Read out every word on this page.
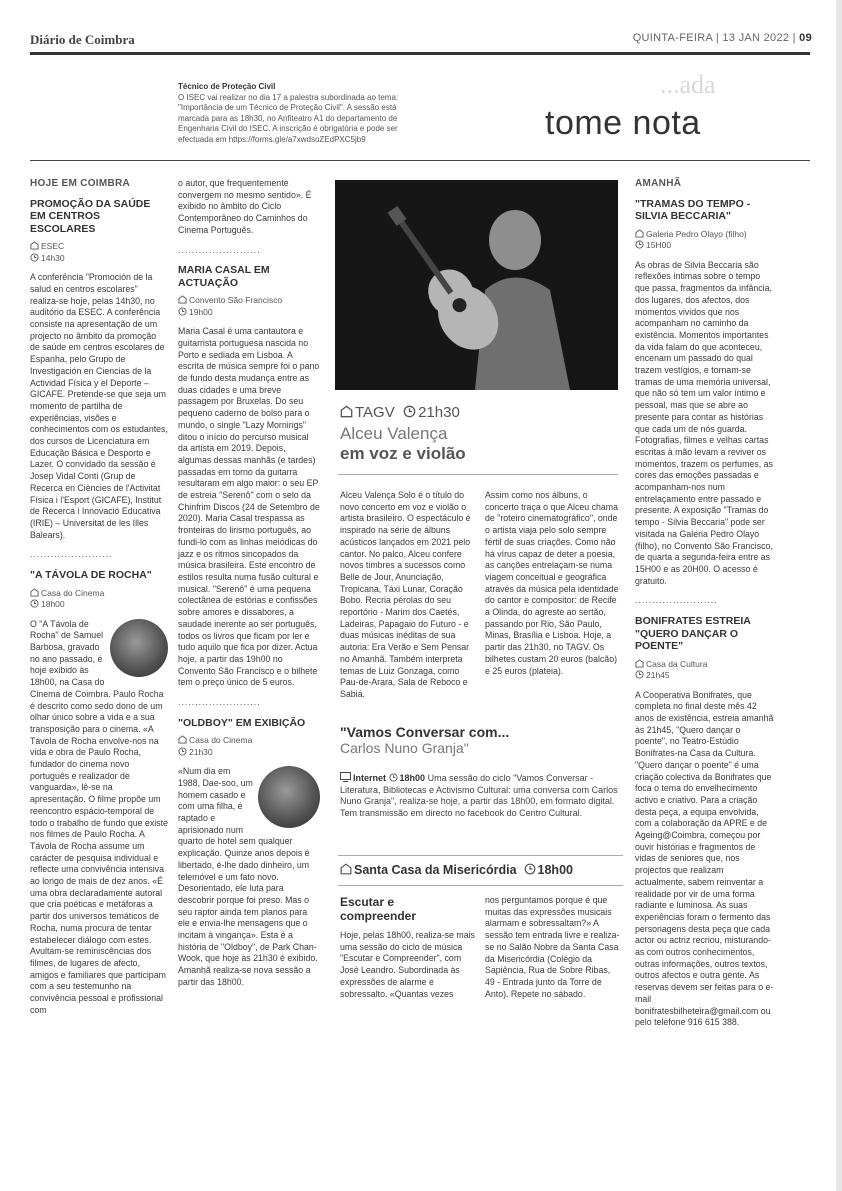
Diário de Coimbra	QUINTA-FEIRA | 13 JAN 2022 | 09
...ada
tome nota
Técnico de Proteção Civil
O ISEC vai realizar no dia 17 a palestra subordinada ao tema: "Importância de um Técnico de Proteção Civil". A sessão está marcada para as 18h30, no Anfiteatro A1 do departamento de Engenharia Civil do ISEC. A inscrição é obrigatória e pode ser efectuada em https://forms.gle/a7xwdsoZEdPXC5jb9
HOJE EM COIMBRA
PROMOÇÃO DA SAÚDE EM CENTROS ESCOLARES
ESEC
14h30

A conferência "Promoción de la salud en centros escolares" realiza-se hoje, pelas 14h30, no auditório da ESEC. A conferência consiste na apresentação de um projecto no âmbito da promoção de saúde em centros escolares de Espanha, pelo Grupo de Investigación en Ciencias de la Actividad Física y el Deporte – GICAFE. Pretende-se que seja um momento de partilha de experiências, visões e conhecimentos com os estudantes, dos cursos de Licenciatura em Educação Básica e Desporto e Lazer. O convidado da sessão é Josep Vidal Conti (Grup de Recerca en Ciències de l'Activitat Física i l'Esport (GICAFE), Institut de Recerca i Innovació Educativa (IRIE) – Universitat de les Illes Balears).

........................
"A TÁVOLA DE ROCHA"
Casa do Cinema
18h00

O "A Távola de Rocha" de Samuel Barbosa, gravado no ano passado, é hoje exibido às 18h00, na Casa do Cinema de Coimbra. Paulo Rocha é descrito como sedo dono de um olhar único sobre a vida e a sua transposição para o cinema. «A Távola de Rocha envolve-nos na vida e obra de Paulo Rocha, fundador do cinema novo português e realizador de vanguarda», lê-se na apresentação. O filme propõe um reencontro espácio-temporal de todo o trabalho de fundo que existe nos filmes de Paulo Rocha. A Távola de Rocha assume um carácter de pesquisa individual e reflecte uma convivência intensiva ao longo de mais de dez anos. «É uma obra declaradamente autoral que cria poéticas e metáforas a partir dos universos temáticos de Rocha, numa procura de tentar estabelecer diálogo com estes. Avultam-se reminiscências dos filmes, de lugares de afecto, amigos e familiares que participam com a seu testemunho na convivência pessoal e profissional com

o autor, que frequentemente convergem no mesmo sentido». É exibido no âmbito do Ciclo Contemporâneo do Caminhos do Cinema Português.

........................
MARIA CASAL EM ACTUAÇÃO
Convento São Francisco
19h00

Maria Casal é uma cantautora e guitarrista portuguesa nascida no Porto e sediada em Lisboa. A escrita de música sempre foi o pano de fundo desta mudança entre as duas cidades e uma breve passagem por Bruxelas. Do seu pequeno caderno de bolso para o mundo, o single "Lazy Mornings" ditou o início do percurso musical da artista em 2019. Depois, algumas dessas manhãs (e tardes) passadas em torno da guitarra resultaram em algo maior: o seu EP de estreia "Serenô" com o selo da Chinfrim Discos (24 de Setembro de 2020). Maria Casal trespassa as fronteiras do lirismo português, ao fundi-lo com as linhas meiódicas do jazz e os ritmos sincopados da música brasileira. Este encontro de estilos resulta numa fusão cultural e musical. "Serenô" é uma pequena colectânea de estórias e confissões sobre amores e dissabores, a saudade inerente ao ser português, todos os livros que ficam por ler e tudo aquilo que fica por dizer. Actua hoje, a partir das 19h00 no Convento São Francisco e o bilhete tem o preço único de 5 euros.

........................
"OLDBOY" EM EXIBIÇÃO
Casa do Cinema
21h30

«Num dia em 1988, Dae-soo, um homem casado e com uma filha, é raptado e aprisionado num quarto de hotel sem qualquer explicação. Quinze anos depois é libertado, é-lhe dado dinheiro, um telemóvel e um fato novo. Desorientado, ele luta para descobrir porque foi preso. Mas o seu raptor ainda tem planos para ele e envia-lhe mensagens que o incitam à vingança». Esta é a história de "Oldboy", de Park Chan-Wook, que hoje às 21h30 é exibido. Amanhã realiza-se nova sessão a partir das 18h00.

TAGV 21h30
Alceu Valença
em voz e violão
Alceu Valença Solo é o título do novo concerto em voz e violão o artista brasileiro. O espectáculo é inspirado na série de álbuns acústicos lançados em 2021 pelo cantor. No palco, Alceu confere novos timbres a sucessos como Belle de Jour, Anunciação, Tropicana, Táxi Lunar, Coração Bobo. Recria pérolas do seu reportório - Marim dos Caetés, Ladeiras, Papagaio do Futuro - e duas músicas inéditas de sua autoria: Era Verão e Sem Pensar no Amanhã. Também interpreta temas de Luiz Gonzaga, como Pau-de-Arara, Sala de Reboco e Sabiá.
Assim como nos álbuns, o concerto traça o que Alceu chama de "roteiro cinematográfico", onde o artista viaja pelo solo sempre fértil de suas criações. Como não há vírus capaz de deter a poesia, as canções entrelaçam-se numa viagem conceitual e geográfica através da música pela identidade do cantor e compositor: de Recife a Olinda, do agreste ao sertão, passando por Rio, São Paulo, Minas, Brasília e Lisboa. Hoje, a partir das 21h30, no TAGV. Os bilhetes custam 20 euros (balcão) e 25 euros (plateia).
"Vamos Conversar com...
Carlos Nuno Granja"
Internet 18h00 Uma sessão do ciclo "Vamos Conversar - Literatura, Bibliotecas e Activismo Cultural: uma conversa com Carlos Nuno Granja", realiza-se hoje, a partir das 18h00, em formato digital. Tem transmissão em directo no facebook do Centro Cultural.
Santa Casa da Misericórdia 18h00
Escutar e compreender
Hoje, pelas 18h00, realiza-se mais uma sessão do ciclo de música "Escutar e Compreender", com José Leandro. Subordinada às expressões de alarme e sobressalto. «Quantas vezes
nos perguntamos porque é que muitas das expressões musicais alarmam e sobressaltam?» A sessão tem entrada livre e realiza-se no Salão Nobre da Santa Casa da Misericórdia (Colégio da Sapiência, Rua de Sobre Ribas, 49 - Entrada junto da Torre de Anto). Repete no sábado.
AMANHÃ
"TRAMAS DO TEMPO - SILVIA BECCARIA"
Galeria Pedro Olayo (filho)
15H00

As obras de Silvia Beccaria são reflexões íntimas sobre o tempo que passa, fragmentos da infância, dos lugares, dos afectos, dos momentos vividos que nos acompanham no caminho da existência. Momentos importantes da vida falam do que aconteceu, encenam um passado do qual trazem vestígios, e tornam-se tramas de uma memória universal, que não só tem um valor íntimo e pessoal, mas que se abre ao presente para contar as histórias que cada um de nós guarda. Fotografias, filmes e velhas cartas escritas à mão levam a reviver os momentos, trazem os perfumes, as cores das emoções passadas e acompanham-nos num entrelaçamento entre passado e presente. A exposição "Tramas do tempo - Silvia Beccaria" pode ser visitada na Galeria Pedro Olayo (filho), no Convento São Francisco, de quarta a segunda-feira entre as 15H00 e as 20H00. O acesso é gratuito.

........................
BONIFRATES ESTREIA "QUERO DANÇAR O POENTE"
Casa da Cultura
21h45

A Cooperativa Bonifrates, que completa no final deste mês 42 anos de existência, estreia amanhã às 21h45, "Quero dançar o poente", no Teatro-Estúdio Bonifrates-na Casa da Cultura. "Quero dançar o poente" é uma criação colectiva da Bonifrates que foca o tema do envelhecimento activo e criativo. Para a criação desta peça, a equipa envolvida, com a colaboração da APRE e de Ageing@Coimbra, começou por ouvir histórias e fragmentos de vidas de seniores que, nos projectos que realizam actualmente, sabem reinventar a realidade por vir de uma forma radiante e luminosa. As suas experiências foram o fermento das personagens desta peça que cada actor ou actriz recriou, misturando-as com outros conhecimentos, outras informações, outros textos, outros afectos e outra gente. As reservas devem ser feitas para o e-mail bonifratesbilheteira@gmail.com ou pelo telefone 916 615 388.
